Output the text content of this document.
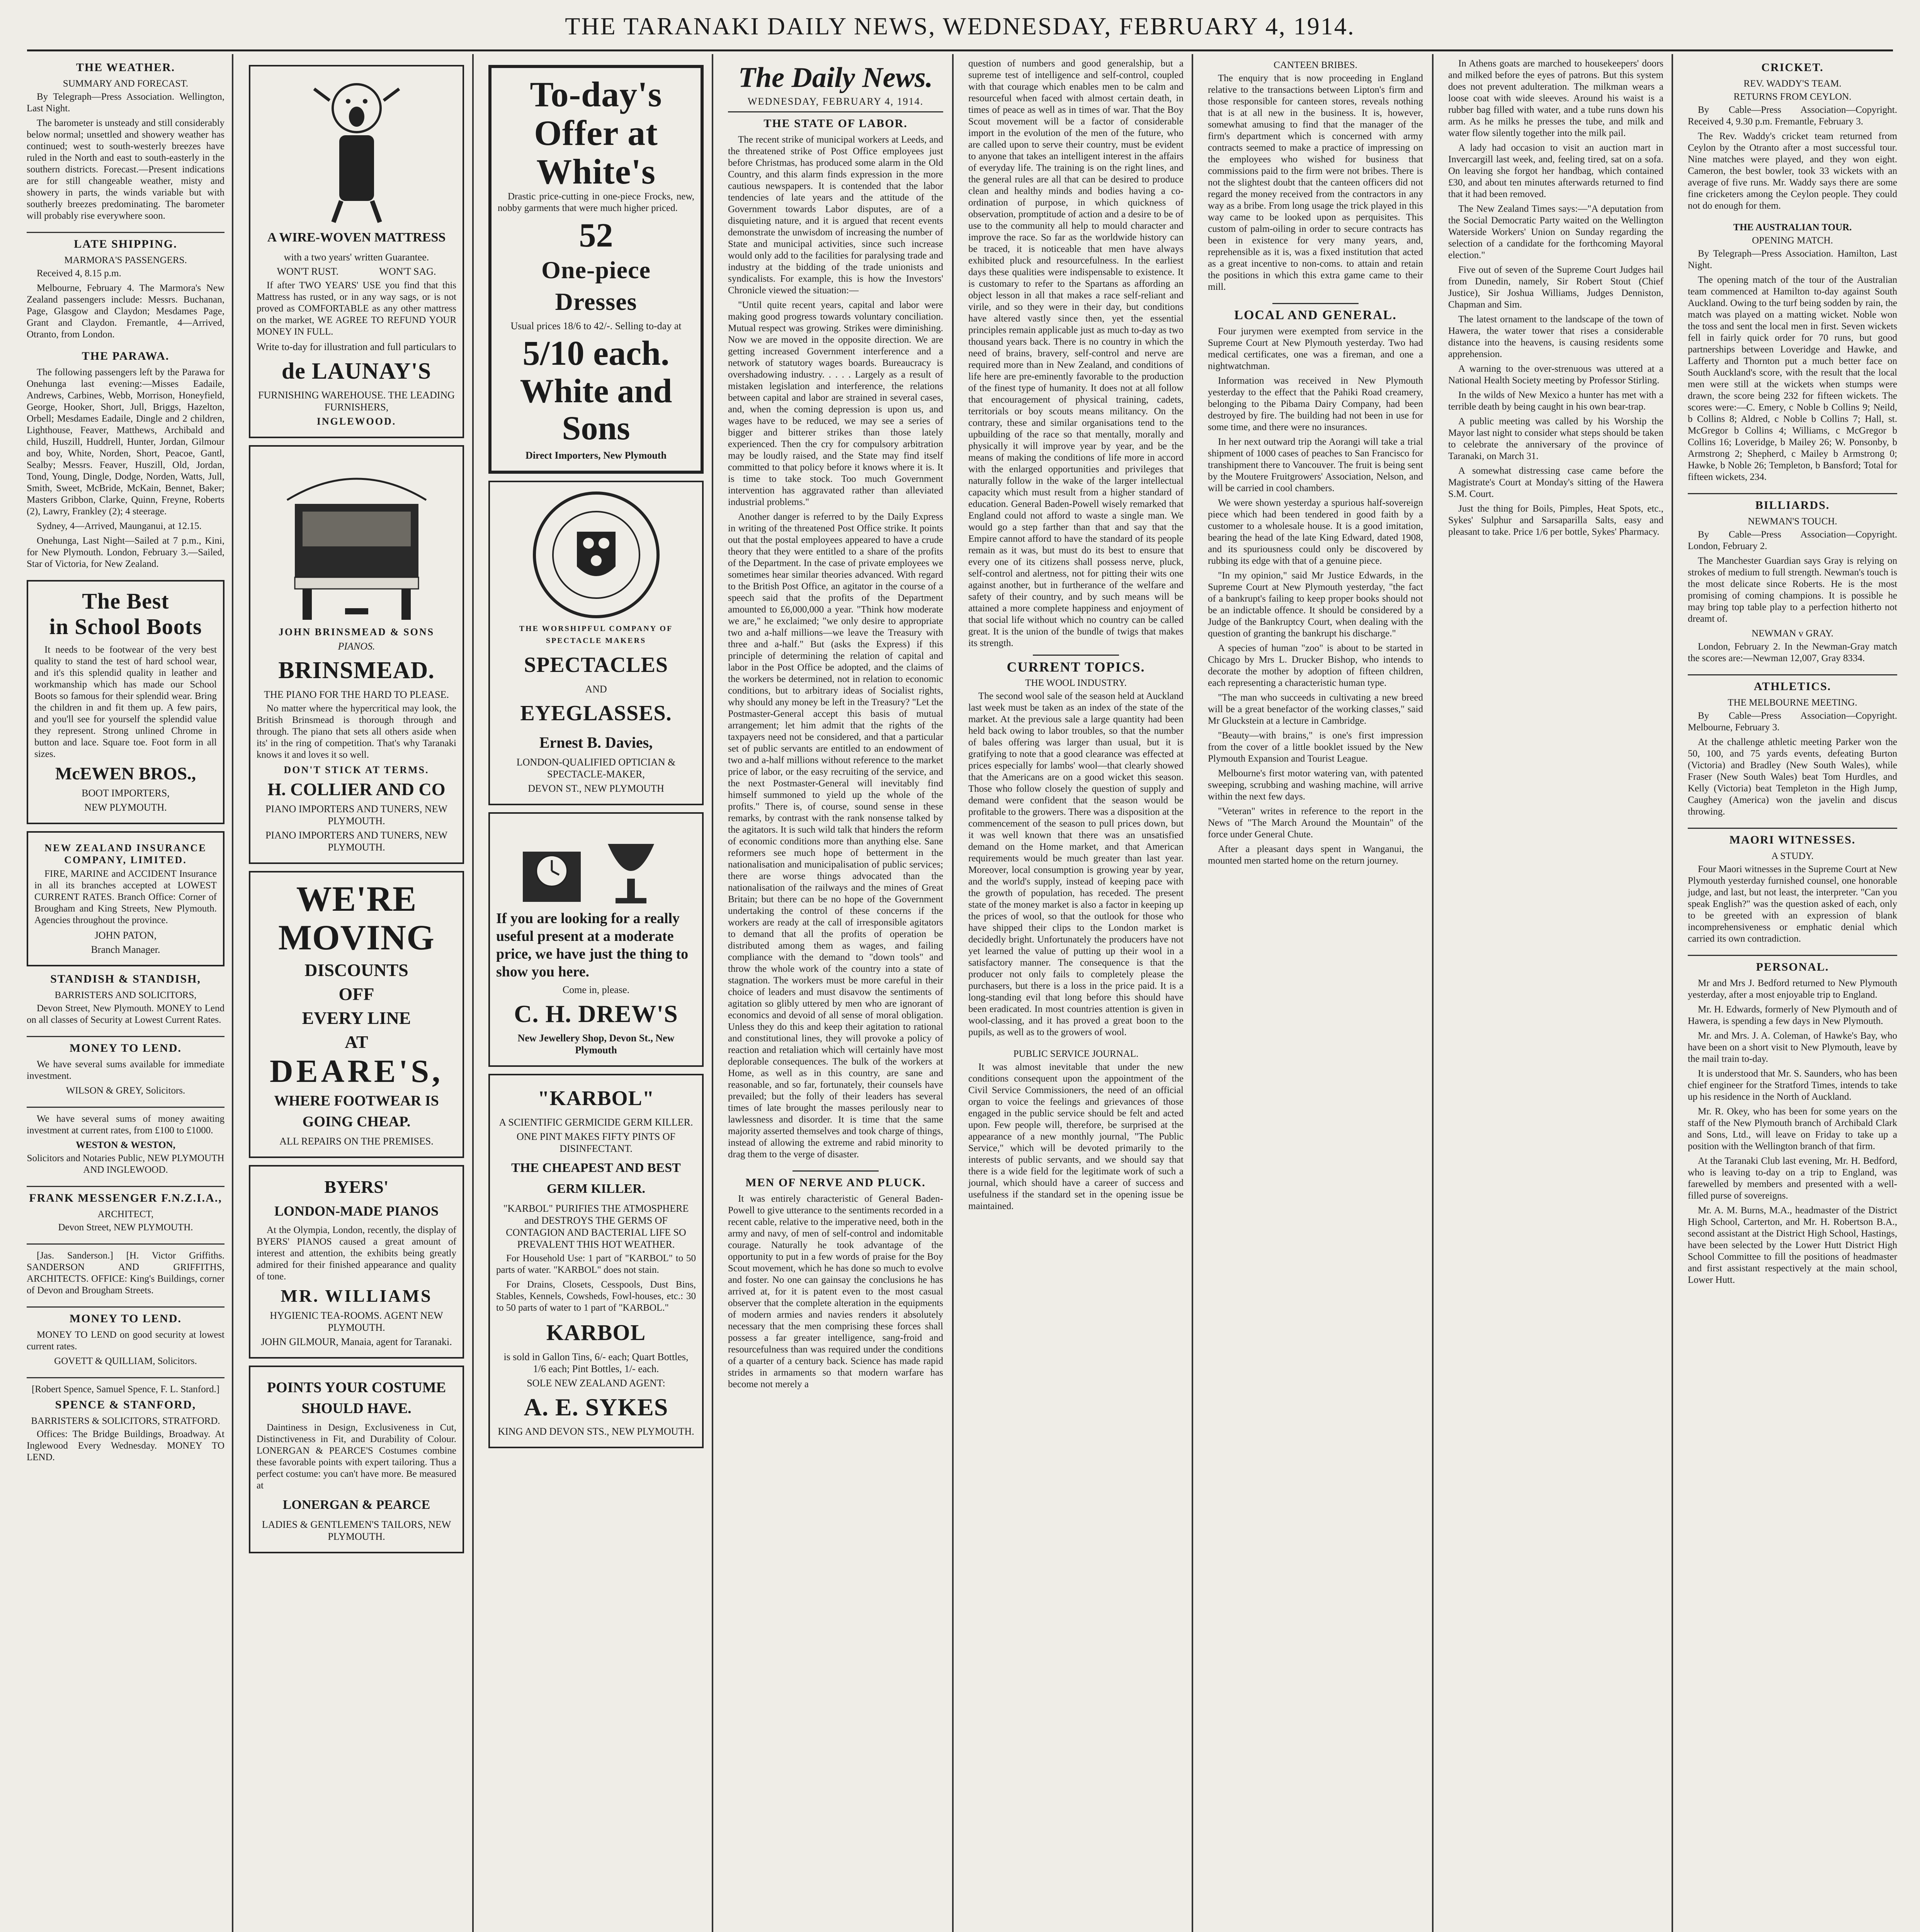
THE TARANAKI DAILY NEWS, WEDNESDAY, FEBRUARY 4, 1914.
THE WEATHER.
SUMMARY AND FORECAST.

By Telegraph—Press Association. Wellington, Last Night.

The barometer is unsteady and still considerably below normal; unsettled and showery weather has continued; west to south-westerly breezes have ruled in the North and east to south-easterly in the southern districts. Forecast.—Present indications are for still changeable weather, misty and showery in parts, the winds variable but with southerly breezes predominating. The barometer will probably rise everywhere soon.

LATE SHIPPING.
MARMORA'S PASSENGERS.

Received 4, 8.15 p.m.

Melbourne, February 4. The Marmora's New Zealand passengers include: Messrs. Buchanan, Page, Glasgow and Claydon; Mesdames Page, Grant and Claydon. Fremantle, 4—Arrived, Otranto, from London.

THE PARAWA.

The following passengers left by the Parawa for Onehunga last evening:—Misses Eadaile, Andrews, Carbines, Webb, Morrison, Honeyfield, George, Hooker, Short, Jull, Briggs, Hazelton, Orbell; Mesdames Eadaile, Dingle and 2 children, Lighthouse, Feaver, Matthews, Archibald and child, Huszill, Huddrell, Hunter, Jordan, Gilmour and boy, White, Norden, Short, Peacoe, Gantl, Sealby; Messrs. Feaver, Huszill, Old, Jordan, Tond, Young, Dingle, Dodge, Norden, Watts, Jull, Smith, Sweet, McBride, McKain, Bennet, Baker; Masters Gribbon, Clarke, Quinn, Freyne, Roberts (2), Lawry, Frankley (2); 4 steerage.

Sydney, 4—Arrived, Maunganui, at 12.15.

Onehunga, Last Night—Sailed at 7 p.m., Kini, for New Plymouth. London, February 3.—Sailed, Star of Victoria, for New Zealand.

The Best
in School Boots

It needs to be footwear of the very best quality to stand the test of hard school wear, and it's this splendid quality in leather and workmanship which has made our School Boots so famous for their splendid wear. Bring the children in and fit them up. A few pairs, and you'll see for yourself the splendid value they represent. Strong unlined Chrome in button and lace. Square toe. Foot form in all sizes.

McEWEN BROS.,
BOOT IMPORTERS,
NEW PLYMOUTH.
NEW ZEALAND INSURANCE COMPANY, LIMITED.

FIRE, MARINE and ACCIDENT Insurance in all its branches accepted at LOWEST CURRENT RATES. Branch Office: Corner of Brougham and King Streets, New Plymouth. Agencies throughout the province.

JOHN PATON,
Branch Manager.
STANDISH & STANDISH,
BARRISTERS AND SOLICITORS,

Devon Street, New Plymouth. MONEY to Lend on all classes of Security at Lowest Current Rates.

MONEY TO LEND.

We have several sums available for immediate investment.

WILSON & GREY, Solicitors.

We have several sums of money awaiting investment at current rates, from £100 to £1000.

WESTON & WESTON,
Solicitors and Notaries Public, NEW PLYMOUTH AND INGLEWOOD.
FRANK MESSENGER F.N.Z.I.A.,
ARCHITECT,
Devon Street, NEW PLYMOUTH.

[Jas. Sanderson.] [H. Victor Griffiths. SANDERSON AND GRIFFITHS, ARCHITECTS. OFFICE: King's Buildings, corner of Devon and Brougham Streets.

MONEY TO LEND.

MONEY TO LEND on good security at lowest current rates.

GOVETT & QUILLIAM, Solicitors.
[Robert Spence, Samuel Spence, F. L. Stanford.]
SPENCE & STANFORD,
BARRISTERS & SOLICITORS, STRATFORD.

Offices: The Bridge Buildings, Broadway. At Inglewood Every Wednesday. MONEY TO LEND.

A WIRE-WOVEN MATTRESS
with a two years' written Guarantee.
WON'T RUST.	WON'T SAG.

If after TWO YEARS' USE you find that this Mattress has rusted, or in any way sags, or is not proved as COMFORTABLE as any other mattress on the market, WE AGREE TO REFUND YOUR MONEY IN FULL.

Write to-day for illustration and full particulars to
de LAUNAY'S
FURNISHING WAREHOUSE. THE LEADING FURNISHERS,
INGLEWOOD.
JOHN BRINSMEAD & SONS
PIANOS.
BRINSMEAD.
THE PIANO FOR THE HARD TO PLEASE.

No matter where the hypercritical may look, the British Brinsmead is thorough through and through. The piano that sets all others aside when its' in the ring of competition. That's why Taranaki knows it and loves it so well.

DON'T STICK AT TERMS.
H. COLLIER AND CO
PIANO IMPORTERS AND TUNERS, NEW PLYMOUTH.
PIANO IMPORTERS AND TUNERS, NEW PLYMOUTH.
WE'RE
MOVING
DISCOUNTS
OFF
EVERY LINE
AT
DEARE'S,
WHERE FOOTWEAR IS GOING CHEAP.
ALL REPAIRS ON THE PREMISES.
BYERS'
LONDON-MADE PIANOS

At the Olympia, London, recently, the display of BYERS' PIANOS caused a great amount of interest and attention, the exhibits being greatly admired for their finished appearance and quality of tone.

MR. WILLIAMS
HYGIENIC TEA-ROOMS. AGENT NEW PLYMOUTH.
JOHN GILMOUR, Manaia, agent for Taranaki.
POINTS YOUR COSTUME SHOULD HAVE.

Daintiness in Design, Exclusiveness in Cut, Distinctiveness in Fit, and Durability of Colour. LONERGAN & PEARCE'S Costumes combine these favorable points with expert tailoring. Thus a perfect costume: you can't have more. Be measured at

LONERGAN & PEARCE
LADIES & GENTLEMEN'S TAILORS, NEW PLYMOUTH.
To-day's Offer at White's

Drastic price-cutting in one-piece Frocks, new, nobby garments that were much higher priced.

52
One-piece Dresses
Usual prices 18/6 to 42/-. Selling to-day at
5/10 each.
White and Sons
Direct Importers, New Plymouth
THE WORSHIPFUL COMPANY OF SPECTACLE MAKERS
SPECTACLES
AND
EYEGLASSES.
Ernest B. Davies,
LONDON-QUALIFIED OPTICIAN & SPECTACLE-MAKER,
DEVON ST., NEW PLYMOUTH

If you are looking for a really useful present at a moderate price, we have just the thing to show you here.

Come in, please.
C. H. DREW'S
New Jewellery Shop, Devon St., New Plymouth
"KARBOL"
A SCIENTIFIC GERMICIDE GERM KILLER.
ONE PINT MAKES FIFTY PINTS OF DISINFECTANT.
THE CHEAPEST AND BEST GERM KILLER.
"KARBOL" PURIFIES THE ATMOSPHERE and DESTROYS THE GERMS OF CONTAGION AND BACTERIAL LIFE SO PREVALENT THIS HOT WEATHER.

For Household Use: 1 part of "KARBOL" to 50 parts of water. "KARBOL" does not stain.

For Drains, Closets, Cesspools, Dust Bins, Stables, Kennels, Cowsheds, Fowl-houses, etc.: 30 to 50 parts of water to 1 part of "KARBOL."

KARBOL
is sold in Gallon Tins, 6/- each; Quart Bottles, 1/6 each; Pint Bottles, 1/- each.
SOLE NEW ZEALAND AGENT:
A. E. SYKES
KING AND DEVON STS., NEW PLYMOUTH.
The Daily News.
WEDNESDAY, FEBRUARY 4, 1914.
THE STATE OF LABOR.

The recent strike of municipal workers at Leeds, and the threatened strike of Post Office employees just before Christmas, has produced some alarm in the Old Country, and this alarm finds expression in the more cautious newspapers. It is contended that the labor tendencies of late years and the attitude of the Government towards Labor disputes, are of a disquieting nature, and it is argued that recent events demonstrate the unwisdom of increasing the number of State and municipal activities, since such increase would only add to the facilities for paralysing trade and industry at the bidding of the trade unionists and syndicalists. For example, this is how the Investors' Chronicle viewed the situation:—

"Until quite recent years, capital and labor were making good progress towards voluntary conciliation. Mutual respect was growing. Strikes were diminishing. Now we are moved in the opposite direction. We are getting increased Government interference and a network of statutory wages boards. Bureaucracy is overshadowing industry. . . . . Largely as a result of mistaken legislation and interference, the relations between capital and labor are strained in several cases, and, when the coming depression is upon us, and wages have to be reduced, we may see a series of bigger and bitterer strikes than those lately experienced. Then the cry for compulsory arbitration may be loudly raised, and the State may find itself committed to that policy before it knows where it is. It is time to take stock. Too much Government intervention has aggravated rather than alleviated industrial problems."

Another danger is referred to by the Daily Express in writing of the threatened Post Office strike. It points out that the postal employees appeared to have a crude theory that they were entitled to a share of the profits of the Department. In the case of private employees we sometimes hear similar theories advanced. With regard to the British Post Office, an agitator in the course of a speech said that the profits of the Department amounted to £6,000,000 a year. "Think how moderate we are," he exclaimed; "we only desire to appropriate two and a-half millions—we leave the Treasury with three and a-half." But (asks the Express) if this principle of determining the relation of capital and labor in the Post Office be adopted, and the claims of the workers be determined, not in relation to economic conditions, but to arbitrary ideas of Socialist rights, why should any money be left in the Treasury? "Let the Postmaster-General accept this basis of mutual arrangement; let him admit that the rights of the taxpayers need not be considered, and that a particular set of public servants are entitled to an endowment of two and a-half millions without reference to the market price of labor, or the easy recruiting of the service, and the next Postmaster-General will inevitably find himself summoned to yield up the whole of the profits." There is, of course, sound sense in these remarks, by contrast with the rank nonsense talked by the agitators. It is such wild talk that hinders the reform of economic conditions more than anything else. Sane reformers see much hope of betterment in the nationalisation and municipalisation of public services; there are worse things advocated than the nationalisation of the railways and the mines of Great Britain; but there can be no hope of the Government undertaking the control of these concerns if the workers are ready at the call of irresponsible agitators to demand that all the profits of operation be distributed among them as wages, and failing compliance with the demand to "down tools" and throw the whole work of the country into a state of stagnation. The workers must be more careful in their choice of leaders and must disavow the sentiments of agitation so glibly uttered by men who are ignorant of economics and devoid of all sense of moral obligation. Unless they do this and keep their agitation to rational and constitutional lines, they will provoke a policy of reaction and retaliation which will certainly have most deplorable consequences. The bulk of the workers at Home, as well as in this country, are sane and reasonable, and so far, fortunately, their counsels have prevailed; but the folly of their leaders has several times of late brought the masses perilously near to lawlessness and disorder. It is time that the same majority asserted themselves and took charge of things, instead of allowing the extreme and rabid minority to drag them to the verge of disaster.

MEN OF NERVE AND PLUCK.

It was entirely characteristic of General Baden-Powell to give utterance to the sentiments recorded in a recent cable, relative to the imperative need, both in the army and navy, of men of self-control and indomitable courage. Naturally he took advantage of the opportunity to put in a few words of praise for the Boy Scout movement, which he has done so much to evolve and foster. No one can gainsay the conclusions he has arrived at, for it is patent even to the most casual observer that the complete alteration in the equipments of modern armies and navies renders it absolutely necessary that the men comprising these forces shall possess a far greater intelligence, sang-froid and resourcefulness than was required under the conditions of a quarter of a century back. Science has made rapid strides in armaments so that modern warfare has become not merely a

question of numbers and good generalship, but a supreme test of intelligence and self-control, coupled with that courage which enables men to be calm and resourceful when faced with almost certain death, in times of peace as well as in times of war. That the Boy Scout movement will be a factor of considerable import in the evolution of the men of the future, who are called upon to serve their country, must be evident to anyone that takes an intelligent interest in the affairs of everyday life. The training is on the right lines, and the general rules are all that can be desired to produce clean and healthy minds and bodies having a co-ordination of purpose, in which quickness of observation, promptitude of action and a desire to be of use to the community all help to mould character and improve the race. So far as the worldwide history can be traced, it is noticeable that men have always exhibited pluck and resourcefulness. In the earliest days these qualities were indispensable to existence. It is customary to refer to the Spartans as affording an object lesson in all that makes a race self-reliant and virile, and so they were in their day, but conditions have altered vastly since then, yet the essential principles remain applicable just as much to-day as two thousand years back. There is no country in which the need of brains, bravery, self-control and nerve are required more than in New Zealand, and conditions of life here are pre-eminently favorable to the production of the finest type of humanity. It does not at all follow that encouragement of physical training, cadets, territorials or boy scouts means militancy. On the contrary, these and similar organisations tend to the upbuilding of the race so that mentally, morally and physically it will improve year by year, and be the means of making the conditions of life more in accord with the enlarged opportunities and privileges that naturally follow in the wake of the larger intellectual capacity which must result from a higher standard of education. General Baden-Powell wisely remarked that England could not afford to waste a single man. We would go a step farther than that and say that the Empire cannot afford to have the standard of its people remain as it was, but must do its best to ensure that every one of its citizens shall possess nerve, pluck, self-control and alertness, not for pitting their wits one against another, but in furtherance of the welfare and safety of their country, and by such means will be attained a more complete happiness and enjoyment of that social life without which no country can be called great. It is the union of the bundle of twigs that makes its strength.

CURRENT TOPICS.
THE WOOL INDUSTRY.

The second wool sale of the season held at Auckland last week must be taken as an index of the state of the market. At the previous sale a large quantity had been held back owing to labor troubles, so that the number of bales offering was larger than usual, but it is gratifying to note that a good clearance was effected at prices especially for lambs' wool—that clearly showed that the Americans are on a good wicket this season. Those who follow closely the question of supply and demand were confident that the season would be profitable to the growers. There was a disposition at the commencement of the season to pull prices down, but it was well known that there was an unsatisfied demand on the Home market, and that American requirements would be much greater than last year. Moreover, local consumption is growing year by year, and the world's supply, instead of keeping pace with the growth of population, has receded. The present state of the money market is also a factor in keeping up the prices of wool, so that the outlook for those who have shipped their clips to the London market is decidedly bright. Unfortunately the producers have not yet learned the value of putting up their wool in a satisfactory manner. The consequence is that the producer not only fails to completely please the purchasers, but there is a loss in the price paid. It is a long-standing evil that long before this should have been eradicated. In most countries attention is given in wool-classing, and it has proved a great boon to the pupils, as well as to the growers of wool.

PUBLIC SERVICE JOURNAL.

It was almost inevitable that under the new conditions consequent upon the appointment of the Civil Service Commissioners, the need of an official organ to voice the feelings and grievances of those engaged in the public service should be felt and acted upon. Few people will, therefore, be surprised at the appearance of a new monthly journal, "The Public Service," which will be devoted primarily to the interests of public servants, and we should say that there is a wide field for the legitimate work of such a journal, which should have a career of success and usefulness if the standard set in the opening issue be maintained.

CANTEEN BRIBES.

The enquiry that is now proceeding in England relative to the transactions between Lipton's firm and those responsible for canteen stores, reveals nothing that is at all new in the business. It is, however, somewhat amusing to find that the manager of the firm's department which is concerned with army contracts seemed to make a practice of impressing on the employees who wished for business that commissions paid to the firm were not bribes. There is not the slightest doubt that the canteen officers did not regard the money received from the contractors in any way as a bribe. From long usage the trick played in this way came to be looked upon as perquisites. This custom of palm-oiling in order to secure contracts has been in existence for very many years, and, reprehensible as it is, was a fixed institution that acted as a great incentive to non-coms. to attain and retain the positions in which this extra game came to their mill.

LOCAL AND GENERAL.

Four jurymen were exempted from service in the Supreme Court at New Plymouth yesterday. Two had medical certificates, one was a fireman, and one a nightwatchman.

Information was received in New Plymouth yesterday to the effect that the Pahiki Road creamery, belonging to the Pibama Dairy Company, had been destroyed by fire. The building had not been in use for some time, and there were no insurances.

In her next outward trip the Aorangi will take a trial shipment of 1000 cases of peaches to San Francisco for transhipment there to Vancouver. The fruit is being sent by the Moutere Fruitgrowers' Association, Nelson, and will be carried in cool chambers.

We were shown yesterday a spurious half-sovereign piece which had been tendered in good faith by a customer to a wholesale house. It is a good imitation, bearing the head of the late King Edward, dated 1908, and its spuriousness could only be discovered by rubbing its edge with that of a genuine piece.

"In my opinion," said Mr Justice Edwards, in the Supreme Court at New Plymouth yesterday, "the fact of a bankrupt's failing to keep proper books should not be an indictable offence. It should be considered by a Judge of the Bankruptcy Court, when dealing with the question of granting the bankrupt his discharge."

A species of human "zoo" is about to be started in Chicago by Mrs L. Drucker Bishop, who intends to decorate the mother by adoption of fifteen children, each representing a characteristic human type.

"The man who succeeds in cultivating a new breed will be a great benefactor of the working classes," said Mr Gluckstein at a lecture in Cambridge.

"Beauty—with brains," is one's first impression from the cover of a little booklet issued by the New Plymouth Expansion and Tourist League.

Melbourne's first motor watering van, with patented sweeping, scrubbing and washing machine, will arrive within the next few days.

"Veteran" writes in reference to the report in the News of "The March Around the Mountain" of the force under General Chute.

After a pleasant days spent in Wanganui, the mounted men started home on the return journey.

In Athens goats are marched to housekeepers' doors and milked before the eyes of patrons. But this system does not prevent adulteration. The milkman wears a loose coat with wide sleeves. Around his waist is a rubber bag filled with water, and a tube runs down his arm. As he milks he presses the tube, and milk and water flow silently together into the milk pail.

A lady had occasion to visit an auction mart in Invercargill last week, and, feeling tired, sat on a sofa. On leaving she forgot her handbag, which contained £30, and about ten minutes afterwards returned to find that it had been removed.

The New Zealand Times says:—"A deputation from the Social Democratic Party waited on the Wellington Waterside Workers' Union on Sunday regarding the selection of a candidate for the forthcoming Mayoral election."

Five out of seven of the Supreme Court Judges hail from Dunedin, namely, Sir Robert Stout (Chief Justice), Sir Joshua Williams, Judges Denniston, Chapman and Sim.

The latest ornament to the landscape of the town of Hawera, the water tower that rises a considerable distance into the heavens, is causing residents some apprehension.

A warning to the over-strenuous was uttered at a National Health Society meeting by Professor Stirling.

In the wilds of New Mexico a hunter has met with a terrible death by being caught in his own bear-trap.

A public meeting was called by his Worship the Mayor last night to consider what steps should be taken to celebrate the anniversary of the province of Taranaki, on March 31.

A somewhat distressing case came before the Magistrate's Court at Monday's sitting of the Hawera S.M. Court.

Just the thing for Boils, Pimples, Heat Spots, etc., Sykes' Sulphur and Sarsaparilla Salts, easy and pleasant to take. Price 1/6 per bottle, Sykes' Pharmacy.

CRICKET.
REV. WADDY'S TEAM.
RETURNS FROM CEYLON.

By Cable—Press Association—Copyright. Received 4, 9.30 p.m. Fremantle, February 3.

The Rev. Waddy's cricket team returned from Ceylon by the Otranto after a most successful tour. Nine matches were played, and they won eight. Cameron, the best bowler, took 33 wickets with an average of five runs. Mr. Waddy says there are some fine cricketers among the Ceylon people. They could not do enough for them.

THE AUSTRALIAN TOUR.
OPENING MATCH.

By Telegraph—Press Association. Hamilton, Last Night.

The opening match of the tour of the Australian team commenced at Hamilton to-day against South Auckland. Owing to the turf being sodden by rain, the match was played on a matting wicket. Noble won the toss and sent the local men in first. Seven wickets fell in fairly quick order for 70 runs, but good partnerships between Loveridge and Hawke, and Lafferty and Thornton put a much better face on South Auckland's score, with the result that the local men were still at the wickets when stumps were drawn, the score being 232 for fifteen wickets. The scores were:—C. Emery, c Noble b Collins 9; Neild, b Collins 8; Aldred, c Noble b Collins 7; Hall, st. McGregor b Collins 4; Williams, c McGregor b Collins 16; Loveridge, b Mailey 26; W. Ponsonby, b Armstrong 2; Shepherd, c Mailey b Armstrong 0; Hawke, b Noble 26; Templeton, b Bansford; Total for fifteen wickets, 234.

BILLIARDS.
NEWMAN'S TOUCH.

By Cable—Press Association—Copyright. London, February 2.

The Manchester Guardian says Gray is relying on strokes of medium to full strength. Newman's touch is the most delicate since Roberts. He is the most promising of coming champions. It is possible he may bring top table play to a perfection hitherto not dreamt of.

NEWMAN v GRAY.

London, February 2. In the Newman-Gray match the scores are:—Newman 12,007, Gray 8334.

ATHLETICS.
THE MELBOURNE MEETING.

By Cable—Press Association—Copyright. Melbourne, February 3.

At the challenge athletic meeting Parker won the 50, 100, and 75 yards events, defeating Burton (Victoria) and Bradley (New South Wales), while Fraser (New South Wales) beat Tom Hurdles, and Kelly (Victoria) beat Templeton in the High Jump, Caughey (America) won the javelin and discus throwing.

MAORI WITNESSES.
A STUDY.

Four Maori witnesses in the Supreme Court at New Plymouth yesterday furnished counsel, one honorable judge, and last, but not least, the interpreter. "Can you speak English?" was the question asked of each, only to be greeted with an expression of blank incomprehensiveness or emphatic denial which carried its own contradiction.

PERSONAL.

Mr and Mrs J. Bedford returned to New Plymouth yesterday, after a most enjoyable trip to England.

Mr. H. Edwards, formerly of New Plymouth and of Hawera, is spending a few days in New Plymouth.

Mr. and Mrs. J. A. Coleman, of Hawke's Bay, who have been on a short visit to New Plymouth, leave by the mail train to-day.

It is understood that Mr. S. Saunders, who has been chief engineer for the Stratford Times, intends to take up his residence in the North of Auckland.

Mr. R. Okey, who has been for some years on the staff of the New Plymouth branch of Archibald Clark and Sons, Ltd., will leave on Friday to take up a position with the Wellington branch of that firm.

At the Taranaki Club last evening, Mr. H. Bedford, who is leaving to-day on a trip to England, was farewelled by members and presented with a well-filled purse of sovereigns.

Mr. A. M. Burns, M.A., headmaster of the District High School, Carterton, and Mr. H. Robertson B.A., second assistant at the District High School, Hastings, have been selected by the Lower Hutt District High School Committee to fill the positions of headmaster and first assistant respectively at the main school, Lower Hutt.
